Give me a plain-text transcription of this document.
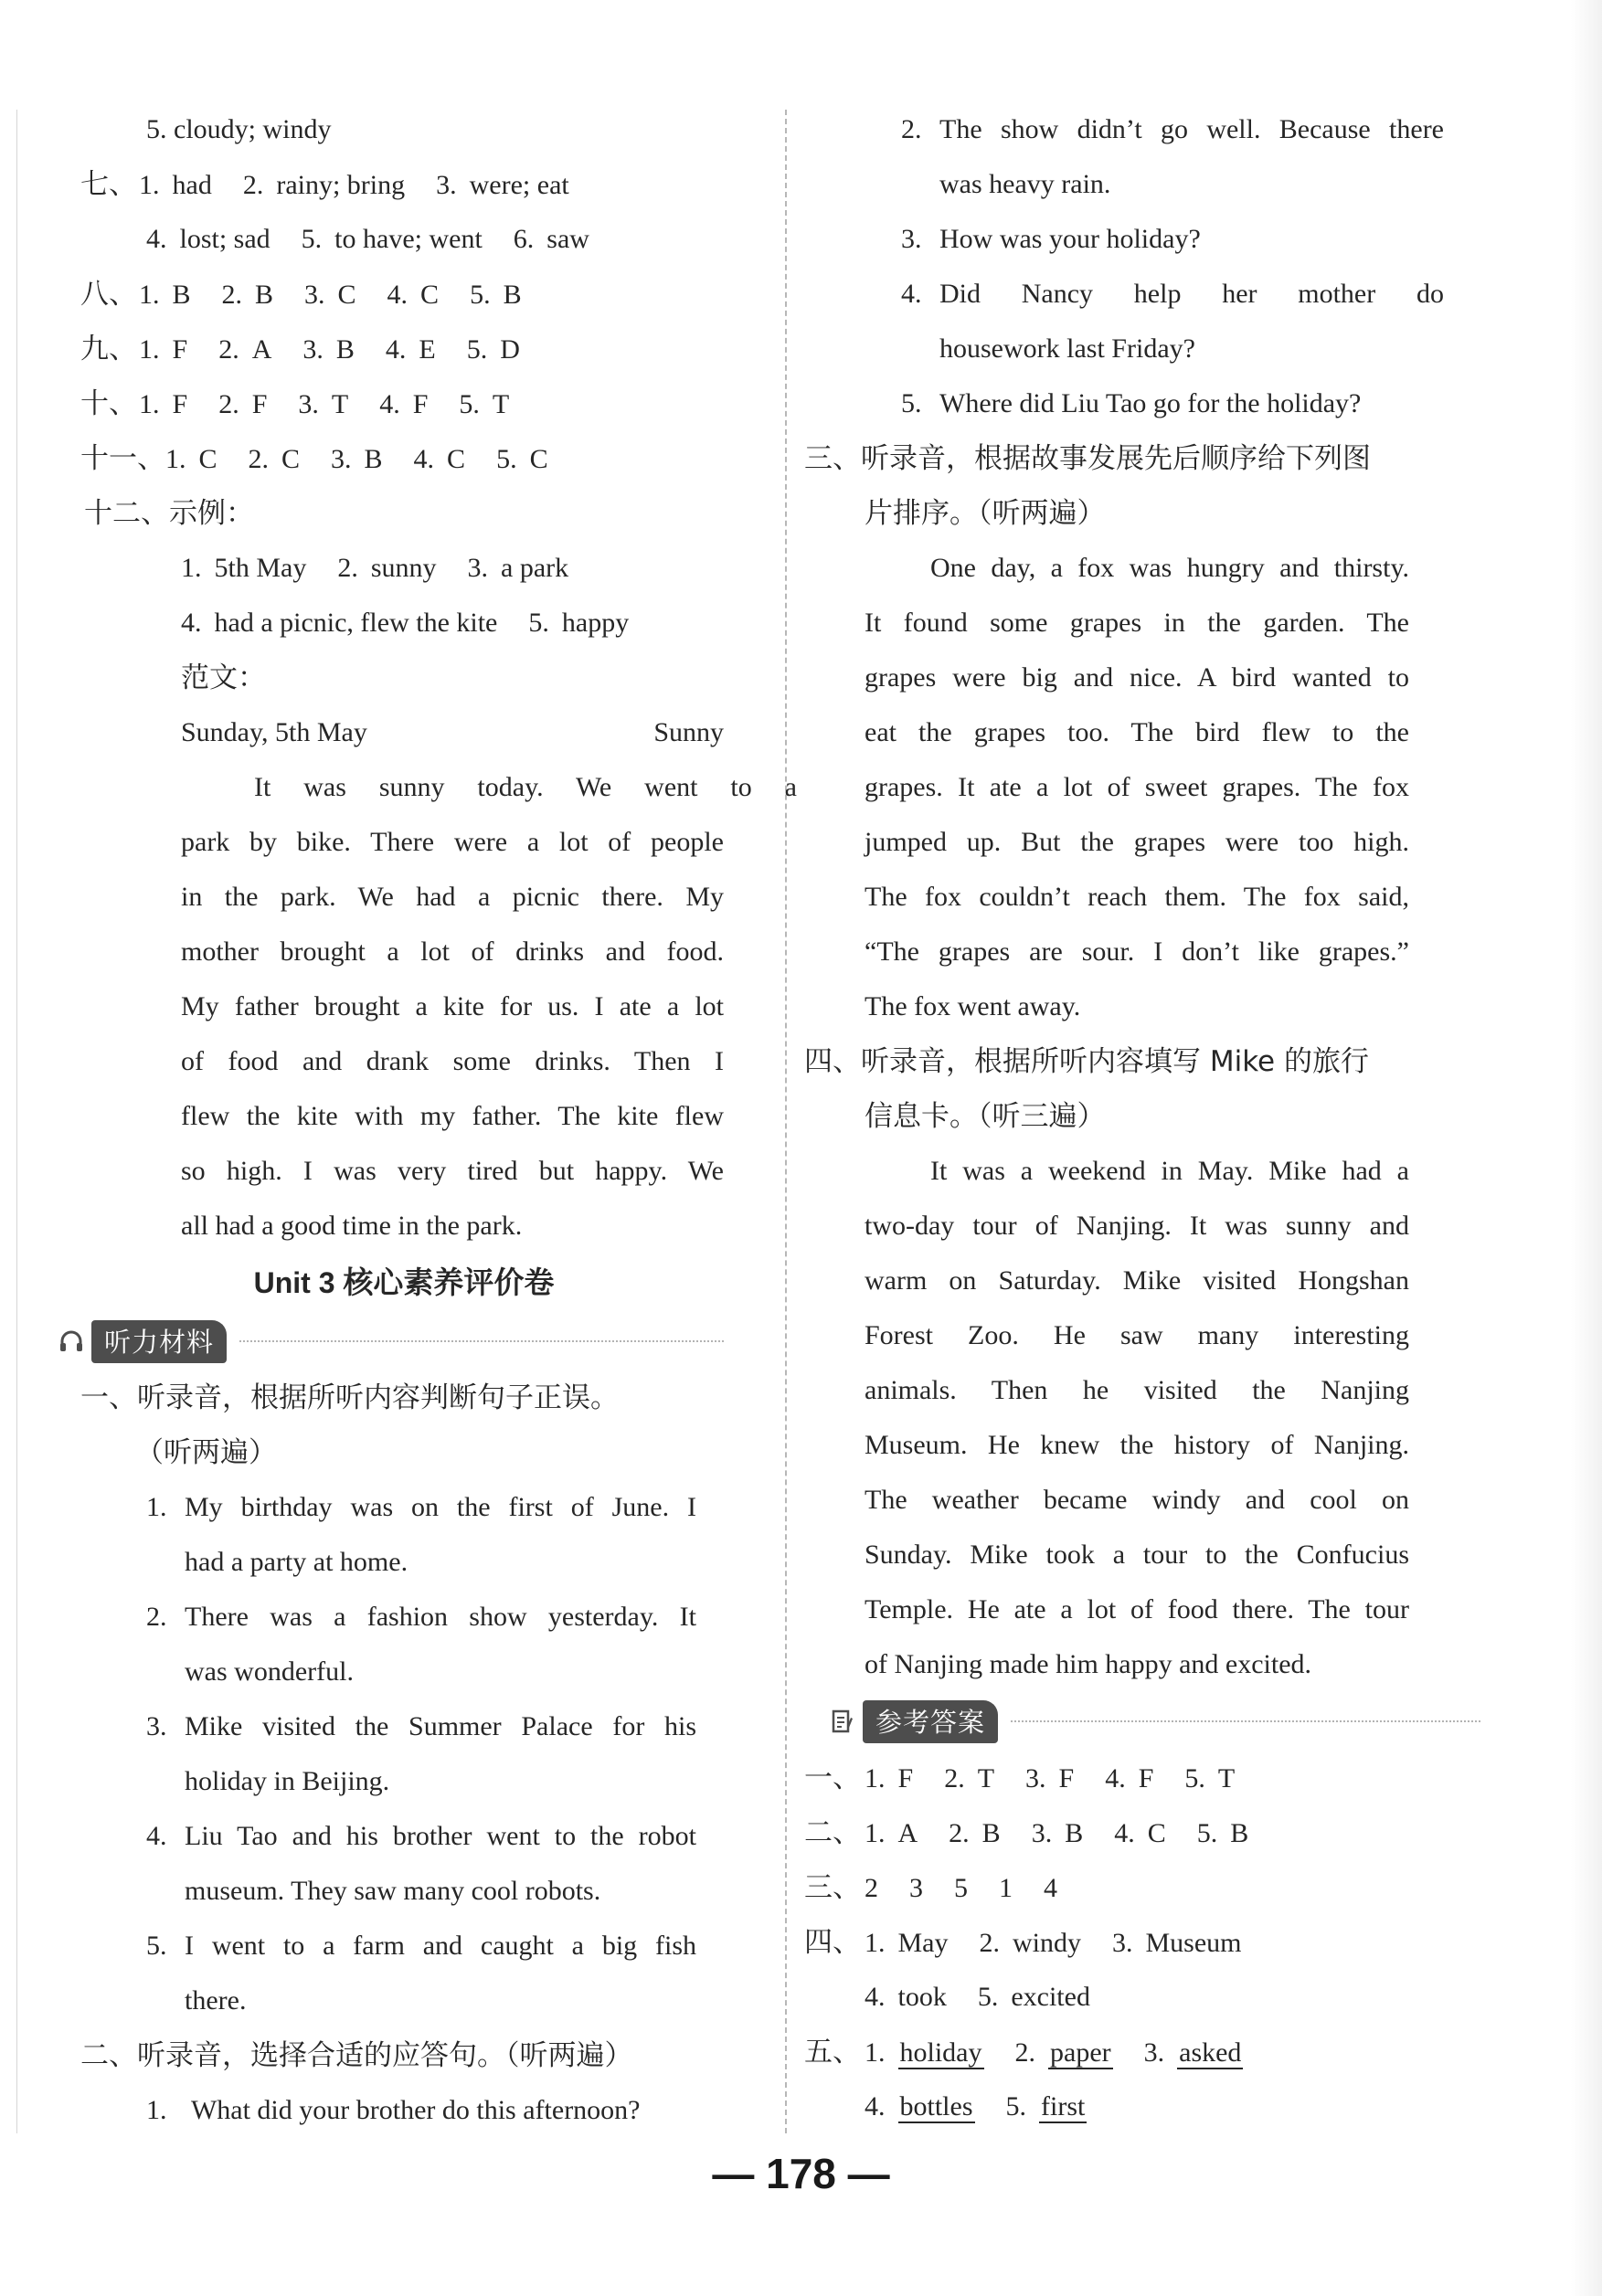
5. cloudy; windy
七、1. had 2. rainy; bring 3. were; eat
4. lost; sad 5. to have; went 6. saw
八、1. B 2. B 3. C 4. C 5. B
九、1. F 2. A 3. B 4. E 5. D
十、1. F 2. F 3. T 4. F 5. T
十一、1. C 2. C 3. B 4. C 5. C
十二、示例：
1. 5th May 2. sunny 3. a park
4. had a picnic, flew the kite 5. happy
范文：
Sunday, 5th May	Sunny
It was sunny today. We went to a
park by bike. There were a lot of people
in the park. We had a picnic there. My
mother brought a lot of drinks and food.
My father brought a kite for us. I ate a lot
of food and drank some drinks. Then I
flew the kite with my father. The kite flew
so high. I was very tired but happy. We
all had a good time in the park.
Unit 3 核心素养评价卷
听力材料
一、听录音，根据所听内容判断句子正误。
（听两遍）
1. My birthday was on the first of June. I
had a party at home.
2. There was a fashion show yesterday. It
was wonderful.
3. Mike visited the Summer Palace for his
holiday in Beijing.
4. Liu Tao and his brother went to the robot
museum. They saw many cool robots.
5. I went to a farm and caught a big fish
there.
二、听录音，选择合适的应答句。（听两遍）
1. What did your brother do this afternoon?
2. The show didn’t go well. Because there
was heavy rain.
3. How was your holiday?
4. Did Nancy help her mother do
housework last Friday?
5. Where did Liu Tao go for the holiday?
三、听录音，根据故事发展先后顺序给下列图
片排序。（听两遍）
One day, a fox was hungry and thirsty.
It found some grapes in the garden. The
grapes were big and nice. A bird wanted to
eat the grapes too. The bird flew to the
grapes. It ate a lot of sweet grapes. The fox
jumped up. But the grapes were too high.
The fox couldn’t reach them. The fox said,
“The grapes are sour. I don’t like grapes.”
The fox went away.
四、听录音，根据所听内容填写 Mike 的旅行
信息卡。（听三遍）
It was a weekend in May. Mike had a
two-day tour of Nanjing. It was sunny and
warm on Saturday. Mike visited Hongshan
Forest Zoo. He saw many interesting
animals. Then he visited the Nanjing
Museum. He knew the history of Nanjing.
The weather became windy and cool on
Sunday. Mike took a tour to the Confucius
Temple. He ate a lot of food there. The tour
of Nanjing made him happy and excited.
参考答案
一、 1. F 2. T 3. F 4. F 5. T
二、 1. A 2. B 3. B 4. C 5. B
三、 2 3 5 1 4
四、 1. May 2. windy 3. Museum
4. took 5. excited
五、 1. holiday 2. paper 3. asked
4. bottles 5. first
— 178 —
